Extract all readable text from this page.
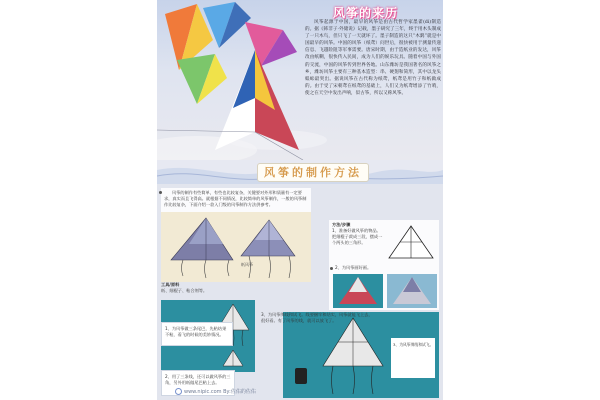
风筝的来历
风筝起源于中国，最早的风筝是由古代哲学家墨翟(di)制造的。据《韩非子·外储说》记载，墨子研究了三年，终于用木头制成了一只木鸟，但只飞了一天就坏了。墨子制造的这只“木鹞”就是中国最早的风筝。中国的风筝（纸鸢）问世后，很快被用于测量传递信息、飞越险阻等军事需要。唐宋时期，由于造纸业的发达，风筝改由纸糊，很快传入民间，成为人们的娱乐玩具。随着中国与外国的交流，中国的风筝传到世界各地。山东潍坊是我国著名的风筝之乡，潍坊风筝主要有三种基本造型：串、硬翅和简形，其中以龙头蜈蚣最突出。据说风筝在古代称为纸鸢，纸鸢是用竹子和纸做成的。由于受了宋朝鸢在纸鸢的基础上，人们又为纸鸢增添了竹哨，使之在天空中发出声响，似古筝，所以又称风筝。
风筝的制作方法
风筝的制作有些简单，有些也比较复杂，关键要对外形和质量有一定要求，真实而且飞得高。就根据不同情况，比较简单的风筝制作，一般的风筝制作比较复杂，下面介绍一款入门级的风筝制作方法供参考。
纸风筝
工具/原料
纸、细棍子、粘合剂等。
1、为风筝做三条尾巴，先粘结果不粘，看飞的时候的美妙情况。
2、用了三条线，还可以做风筝的三角，另外用纸做尾巴粘上去。
方法/步骤
1、准备好做风筝的物品。把细棍子裁成三段，摆成一个两头的三角形。
2、为风筝画好画。
3、为风筝绑线和试飞。
3、为风筝绑线和试飞。线要捆牢和结实，风筝就能飞上去，很好看。有了风筝的线，就可以放飞了。
www.nipic.com By:佐佑的佐佑
